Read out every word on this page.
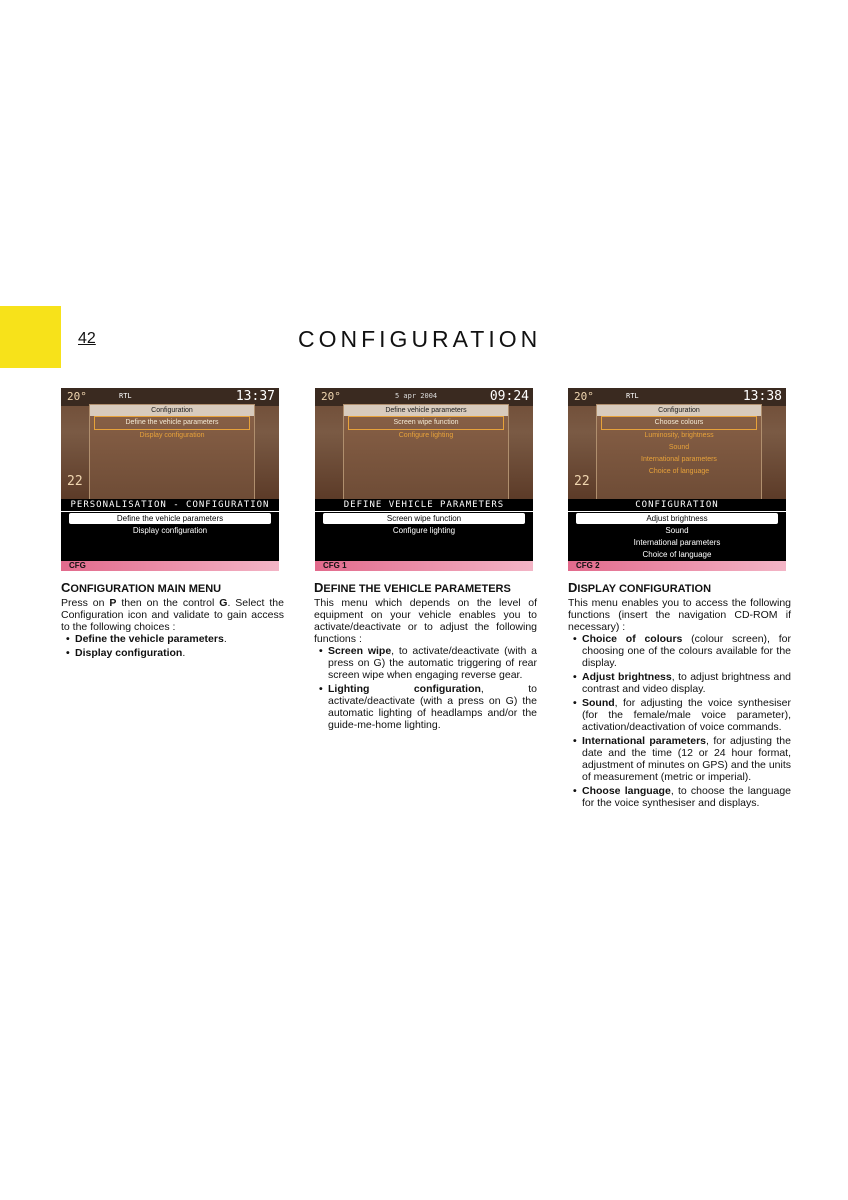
42	CONFIGURATION
20°	RTL	13:37
Configuration
Define the vehicle parameters
Display configuration
22
PERSONALISATION - CONFIGURATION
Define the vehicle parameters
Display configuration
CFG
20°	5 apr 2004	09:24
Define vehicle parameters
Screen wipe function
Configure lighting
DEFINE VEHICLE PARAMETERS
Screen wipe function
Configure lighting
CFG 1
20°	RTL	13:38
Configuration
Choose colours
Luminosity, brightness
Sound
International parameters
Choice of language
22
CONFIGURATION
Adjust brightness
Sound
International parameters
Choice of language
CFG 2
CONFIGURATION MAIN MENU

Press on P then on the control G. Select the Configuration icon and validate to gain access to the following choices :

• Define the vehicle parameters.
• Display configuration.
DEFINE THE VEHICLE PARAMETERS

This menu which depends on the level of equipment on your vehicle enables you to activate/deactivate or to adjust the following functions :

• Screen wipe, to activate/deactivate (with a press on G) the automatic triggering of rear screen wipe when engaging reverse gear.
• Lighting configuration, to activate/deactivate (with a press on G) the automatic lighting of headlamps and/or the guide-me-home lighting.
DISPLAY CONFIGURATION

This menu enables you to access the following functions (insert the navigation CD-ROM if necessary) :

• Choice of colours (colour screen), for choosing one of the colours available for the display.
• Adjust brightness, to adjust brightness and contrast and video display.
• Sound, for adjusting the voice synthesiser (for the female/male voice parameter), activation/deactivation of voice commands.
• International parameters, for adjusting the date and the time (12 or 24 hour format, adjustment of minutes on GPS) and the units of measurement (metric or imperial).
• Choose language, to choose the language for the voice synthesiser and displays.
